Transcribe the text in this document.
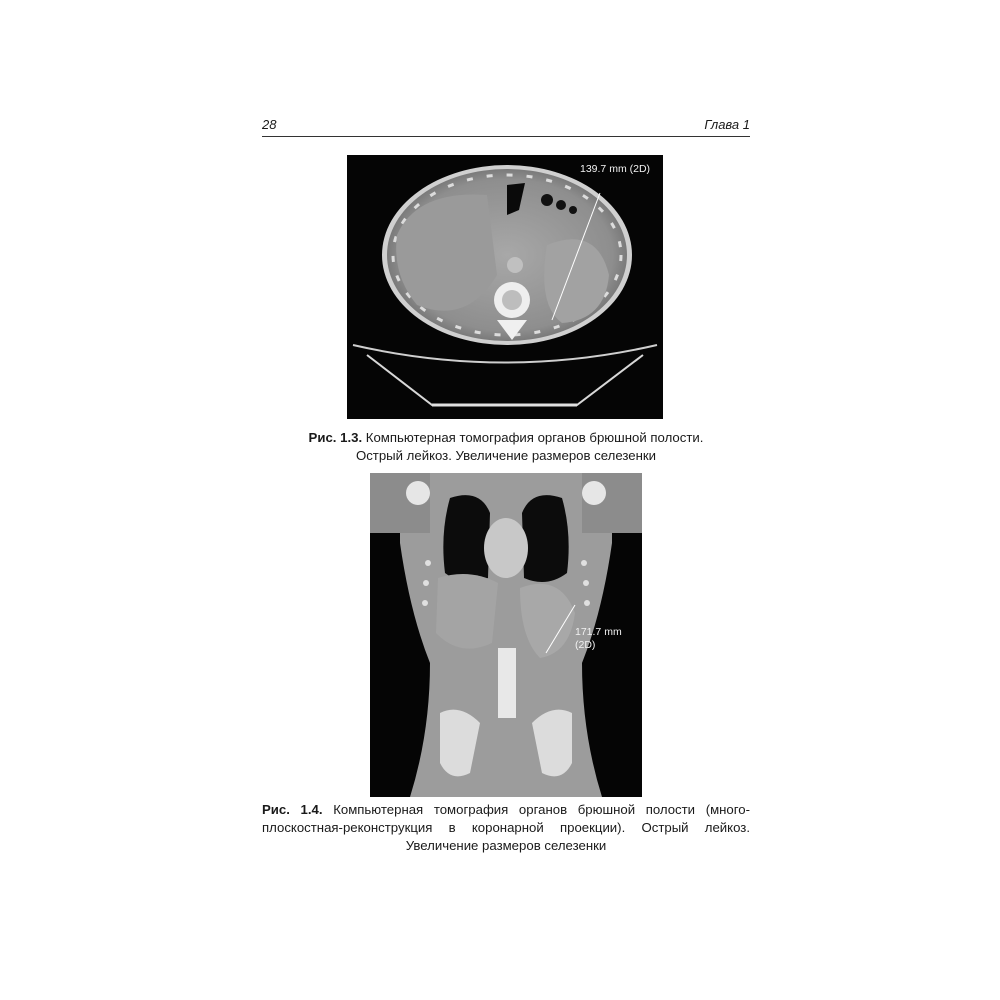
28	Глава 1
139.7 mm (2D)
Рис. 1.3. Компьютерная томография органов брюшной полости.
Острый лейкоз. Увеличение размеров селезенки
171.7 mm
(2D)
Рис. 1.4. Компьютерная томография органов брюшной полости (много-
плоскостная-реконструкция в коронарной проекции). Острый лейкоз.
Увеличение размеров селезенки
